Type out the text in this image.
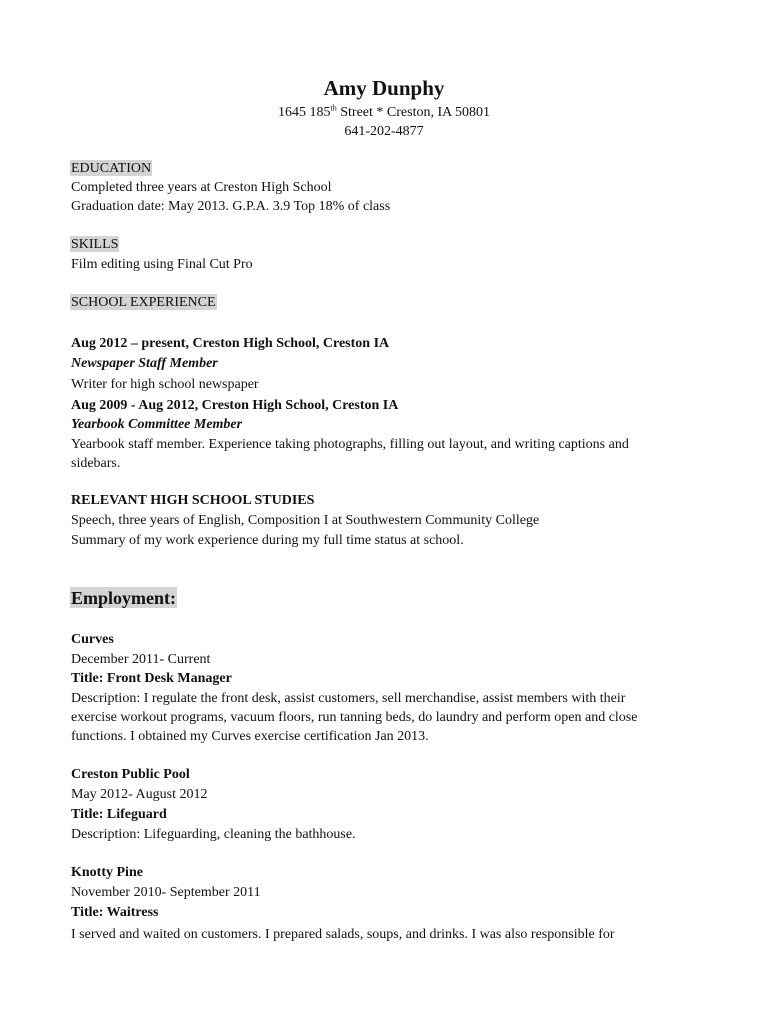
Amy Dunphy
1645 185th Street * Creston, IA 50801
641-202-4877
EDUCATION
Completed three years at Creston High School
Graduation date: May 2013. G.P.A. 3.9 Top 18% of class
SKILLS
Film editing using Final Cut Pro
SCHOOL EXPERIENCE
Aug 2012 – present, Creston High School, Creston IA
Newspaper Staff Member
Writer for high school newspaper
Aug 2009 - Aug 2012, Creston High School, Creston IA
Yearbook Committee Member
Yearbook staff member. Experience taking photographs, filling out layout, and writing captions and
sidebars.
RELEVANT HIGH SCHOOL STUDIES
Speech, three years of English, Composition I at Southwestern Community College
Summary of my work experience during my full time status at school.
Employment:
Curves
December 2011- Current
Title: Front Desk Manager
Description: I regulate the front desk, assist customers, sell merchandise, assist members with their
exercise workout programs, vacuum floors, run tanning beds, do laundry and perform open and close
functions. I obtained my Curves exercise certification Jan 2013.
Creston Public Pool
May 2012- August 2012
Title: Lifeguard
Description: Lifeguarding, cleaning the bathhouse.
Knotty Pine
November 2010- September 2011
Title: Waitress
I served and waited on customers. I prepared salads, soups, and drinks. I was also responsible for
